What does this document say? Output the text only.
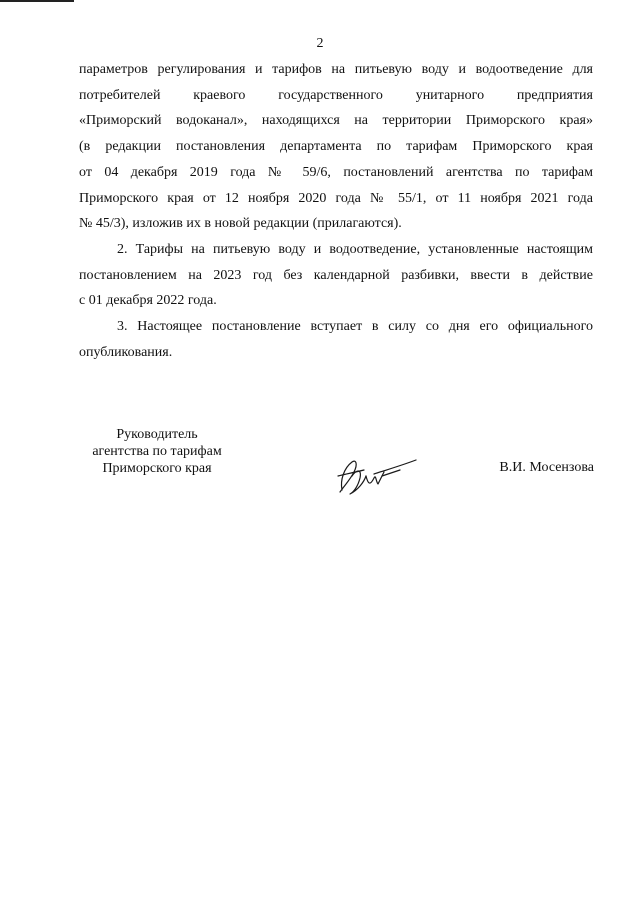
2

параметров регулирования и тарифов на питьевую воду и водоотведение для
потребителей краевого государственного унитарного предприятия
«Приморский водоканал», находящихся на территории Приморского края»
(в редакции постановления департамента по тарифам Приморского края
от 04 декабря 2019 года № 59/6, постановлений агентства по тарифам
Приморского края от 12 ноября 2020 года № 55/1, от 11 ноября 2021 года
№ 45/3), изложив их в новой редакции (прилагаются).

2. Тарифы на питьевую воду и водоотведение, установленные настоящим
постановлением на 2023 год без календарной разбивки, ввести в действие
с 01 декабря 2022 года.

3. Настоящее постановление вступает в силу со дня его официального
опубликования.

Руководитель
агентства по тарифам
Приморского края	В.И. Мосензова
